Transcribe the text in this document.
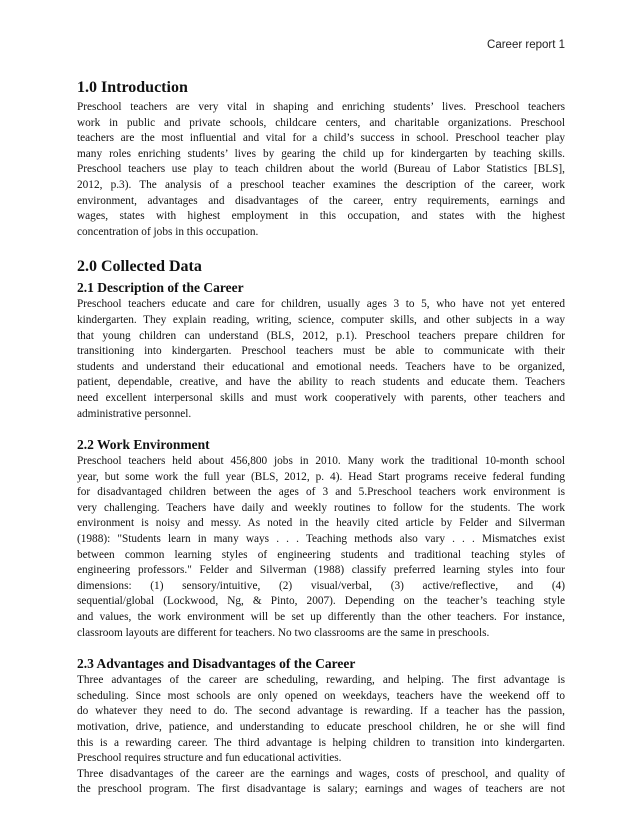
Career report 1
1.0 Introduction
Preschool teachers are very vital in shaping and enriching students’ lives. Preschool teachers
work in public and private schools, childcare centers, and charitable organizations. Preschool
teachers are the most influential and vital for a child’s success in school. Preschool teacher play
many roles enriching students’ lives by gearing the child up for kindergarten by teaching skills.
Preschool teachers use play to teach children about the world (Bureau of Labor Statistics [BLS],
2012, p.3). The analysis of a preschool teacher examines the description of the career, work
environment, advantages and disadvantages of the career, entry requirements, earnings and
wages, states with highest employment in this occupation, and states with the highest
concentration of jobs in this occupation.
2.0 Collected Data
2.1 Description of the Career
Preschool teachers educate and care for children, usually ages 3 to 5, who have not yet entered
kindergarten. They explain reading, writing, science, computer skills, and other subjects in a way
that young children can understand (BLS, 2012, p.1). Preschool teachers prepare children for
transitioning into kindergarten. Preschool teachers must be able to communicate with their
students and understand their educational and emotional needs. Teachers have to be organized,
patient, dependable, creative, and have the ability to reach students and educate them. Teachers
need excellent interpersonal skills and must work cooperatively with parents, other teachers and
administrative personnel.
2.2 Work Environment
Preschool teachers held about 456,800 jobs in 2010. Many work the traditional 10-month school
year, but some work the full year (BLS, 2012, p. 4). Head Start programs receive federal funding
for disadvantaged children between the ages of 3 and 5.Preschool teachers work environment is
very challenging. Teachers have daily and weekly routines to follow for the students. The work
environment is noisy and messy. As noted in the heavily cited article by Felder and Silverman
(1988): "Students learn in many ways . . . Teaching methods also vary . . . Mismatches exist
between common learning styles of engineering students and traditional teaching styles of
engineering professors." Felder and Silverman (1988) classify preferred learning styles into four
dimensions: (1) sensory/intuitive, (2) visual/verbal, (3) active/reflective, and (4)
sequential/global (Lockwood, Ng, & Pinto, 2007). Depending on the teacher’s teaching style
and values, the work environment will be set up differently than the other teachers. For instance,
classroom layouts are different for teachers. No two classrooms are the same in preschools.
2.3 Advantages and Disadvantages of the Career
Three advantages of the career are scheduling, rewarding, and helping. The first advantage is
scheduling. Since most schools are only opened on weekdays, teachers have the weekend off to
do whatever they need to do. The second advantage is rewarding. If a teacher has the passion,
motivation, drive, patience, and understanding to educate preschool children, he or she will find
this is a rewarding career. The third advantage is helping children to transition into kindergarten.
Preschool requires structure and fun educational activities.
Three disadvantages of the career are the earnings and wages, costs of preschool, and quality of
the preschool program. The first disadvantage is salary; earnings and wages of teachers are not
